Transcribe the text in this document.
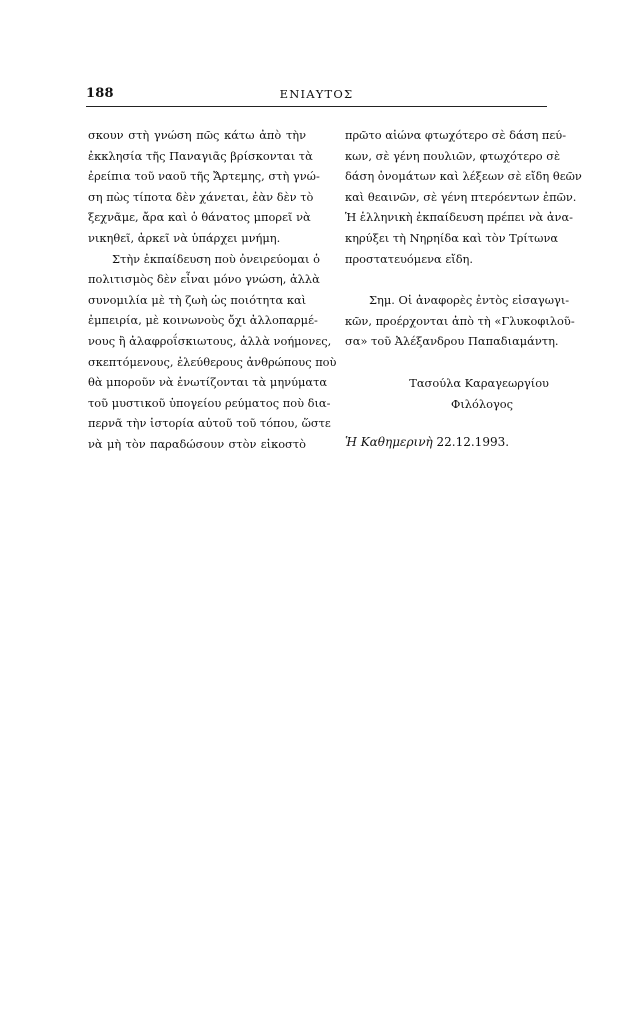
188	ΕΝΙΑΥΤΟΣ
σκουν στὴ γνώση πῶς κάτω ἀπὸ τὴν
ἐκκλησία τῆς Παναγιᾶς βρίσκονται τὰ
ἐρείπια τοῦ ναοῦ τῆς Ἄρτεμης, στὴ γνώ-
ση πὼς τίποτα δὲν χάνεται, ἐὰν δὲν τὸ
ξεχνᾶμε, ἄρα καὶ ὁ θάνατος μπορεῖ νὰ
νικηθεῖ, ἀρκεῖ νὰ ὑπάρχει μνήμη.
Στὴν ἐκπαίδευση ποὺ ὀνειρεύομαι ὁ
πολιτισμὸς δὲν εἶναι μόνο γνώση, ἀλλὰ
συνομιλία μὲ τὴ ζωὴ ὡς ποιότητα καὶ
ἐμπειρία, μὲ κοινωνοὺς ὄχι ἀλλοπαρμέ-
νους ἢ ἀλαφροΐσκιωτους, ἀλλὰ νοήμονες,
σκεπτόμενους, ἐλεύθερους ἀνθρώπους ποὺ
θὰ μποροῦν νὰ ἐνωτίζονται τὰ μηνύματα
τοῦ μυστικοῦ ὑπογείου ρεύματος ποὺ δια-
περνᾶ τὴν ἱστορία αὐτοῦ τοῦ τόπου, ὥστε
νὰ μὴ τὸν παραδώσουν στὸν εἰκοστὸ
πρῶτο αἰώνα φτωχότερο σὲ δάση πεύ-
κων, σὲ γένη πουλιῶν, φτωχότερο σὲ
δάση ὀνομάτων καὶ λέξεων σὲ εἴδη θεῶν
καὶ θεαινῶν, σὲ γένη πτερόεντων ἐπῶν.
Ἡ ἑλληνικὴ ἐκπαίδευση πρέπει νὰ ἀνα-
κηρύξει τὴ Νηρηίδα καὶ τὸν Τρίτωνα
προστατευόμενα εἴδη.
Σημ. Οἱ ἀναφορὲς ἐντὸς εἰσαγωγι-
κῶν, προέρχονται ἀπὸ τὴ «Γλυκοφιλοῦ-
σα» τοῦ Ἀλέξανδρου Παπαδιαμάντη.
Τασούλα Καραγεωργίου
Φιλόλογος
Ἡ Καθημερινὴ 22.12.1993.
